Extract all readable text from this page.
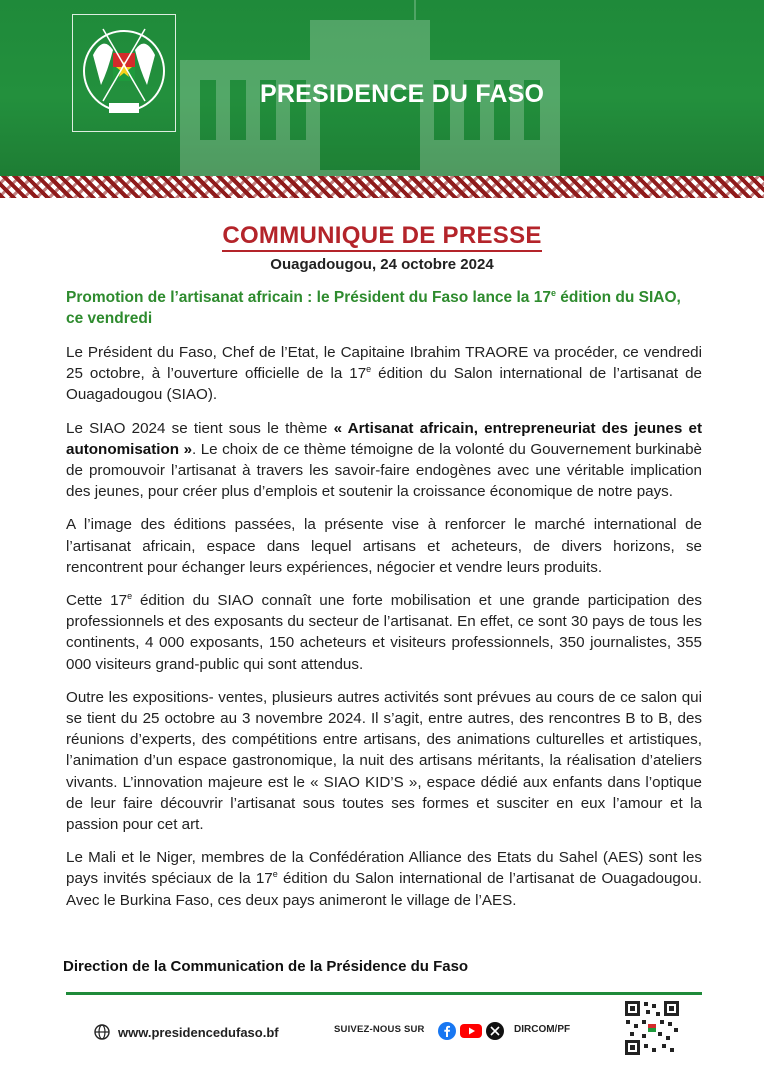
PRESIDENCE DU FASO
COMMUNIQUE DE PRESSE
Ouagadougou, 24 octobre 2024
Promotion de l’artisanat africain : le Président du Faso lance la 17e édition du SIAO, ce vendredi

Le Président du Faso, Chef de l’Etat, le Capitaine Ibrahim TRAORE va procéder, ce vendredi 25 octobre, à l’ouverture officielle de la 17e édition du Salon international de l’artisanat de Ouagadougou (SIAO).

Le SIAO 2024 se tient sous le thème « Artisanat africain, entrepreneuriat des jeunes et autonomisation ». Le choix de ce thème témoigne de la volonté du Gouvernement burkinabè de promouvoir l’artisanat à travers les savoir-faire endogènes avec une véritable implication des jeunes, pour créer plus d’emplois et soutenir la croissance économique de notre pays.

A l’image des éditions passées, la présente vise à renforcer le marché international de l’artisanat africain, espace dans lequel artisans et acheteurs, de divers horizons, se rencontrent pour échanger leurs expériences, négocier et vendre leurs produits.

Cette 17e édition du SIAO connaît une forte mobilisation et une grande participation des professionnels et des exposants du secteur de l’artisanat. En effet, ce sont 30 pays de tous les continents, 4 000 exposants, 150 acheteurs et visiteurs professionnels, 350 journalistes, 355 000 visiteurs grand-public qui sont attendus.

Outre les expositions- ventes, plusieurs autres activités sont prévues au cours de ce salon qui se tient du 25 octobre au 3 novembre 2024. Il s’agit, entre autres, des rencontres B to B, des réunions d’experts, des compétitions entre artisans, des animations culturelles et artistiques, l’animation d’un espace gastronomique, la nuit des artisans méritants, la réalisation d’ateliers vivants. L’innovation majeure est le « SIAO KID’S », espace dédié aux enfants dans l’optique de leur faire découvrir l’artisanat sous toutes ses formes et susciter en eux l’amour et la passion pour cet art.

Le Mali et le Niger, membres de la Confédération Alliance des Etats du Sahel (AES) sont les pays invités spéciaux de la 17e édition du Salon international de l’artisanat de Ouagadougou. Avec le Burkina Faso, ces deux pays animeront le village de l’AES.

Direction de la Communication de la Présidence du Faso
www.presidencedufaso.bf	SUIVEZ-NOUS SUR	DIRCOM/PF
